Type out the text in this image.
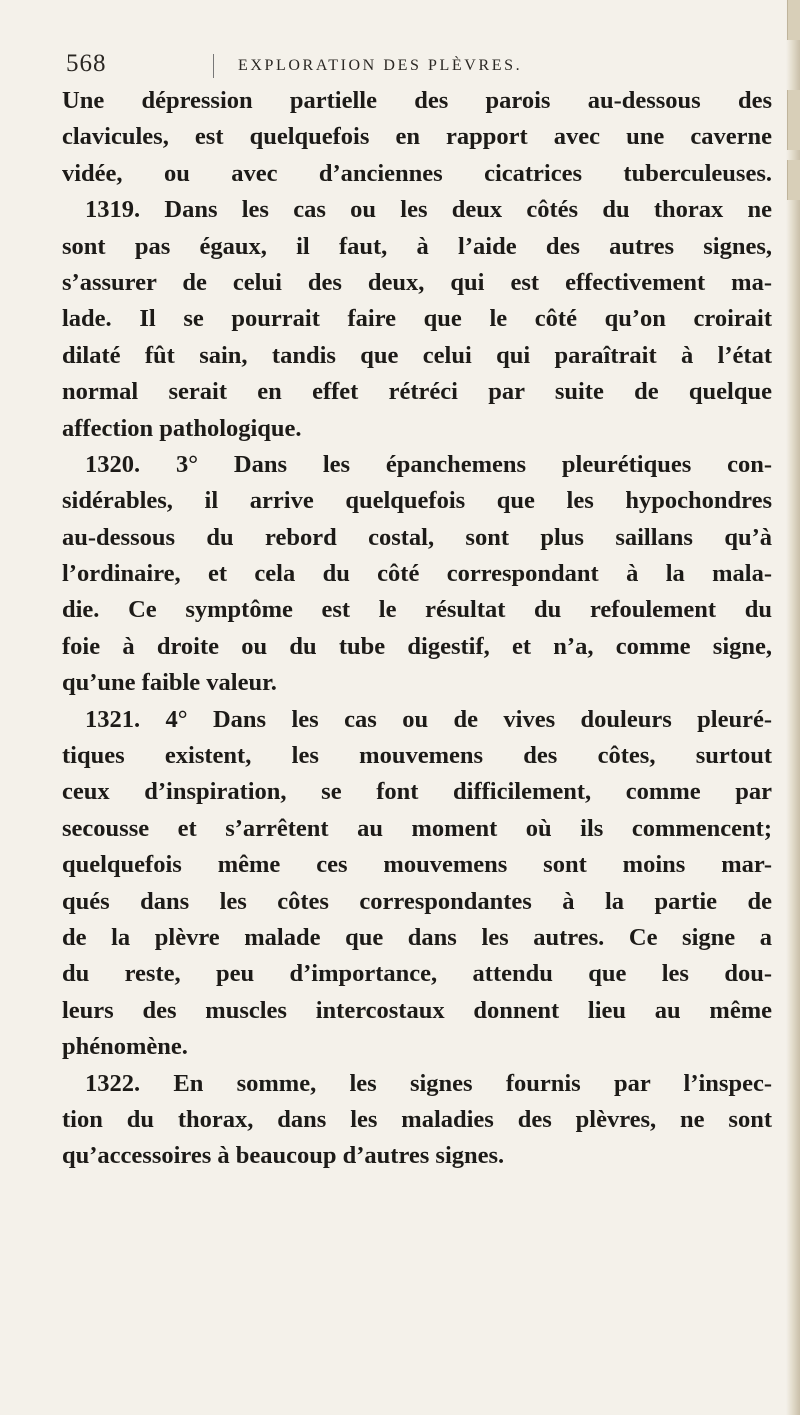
568	EXPLORATION DES PLÈVRES.
Une dépression partielle des parois au-dessous des
clavicules, est quelquefois en rapport avec une caverne
vidée, ou avec d’anciennes cicatrices tuberculeuses.
1319. Dans les cas ou les deux côtés du thorax ne
sont pas égaux, il faut, à l’aide des autres signes,
s’assurer de celui des deux, qui est effectivement ma-
lade. Il se pourrait faire que le côté qu’on croirait
dilaté fût sain, tandis que celui qui paraîtrait à l’état
normal serait en effet rétréci par suite de quelque
affection pathologique.
1320. 3° Dans les épanchemens pleurétiques con-
sidérables, il arrive quelquefois que les hypochondres
au-dessous du rebord costal, sont plus saillans qu’à
l’ordinaire, et cela du côté correspondant à la mala-
die. Ce symptôme est le résultat du refoulement du
foie à droite ou du tube digestif, et n’a, comme signe,
qu’une faible valeur.
1321. 4° Dans les cas ou de vives douleurs pleuré-
tiques existent, les mouvemens des côtes, surtout
ceux d’inspiration, se font difficilement, comme par
secousse et s’arrêtent au moment où ils commencent;
quelquefois même ces mouvemens sont moins mar-
qués dans les côtes correspondantes à la partie de
de la plèvre malade que dans les autres. Ce signe a
du reste, peu d’importance, attendu que les dou-
leurs des muscles intercostaux donnent lieu au même
phénomène.
1322. En somme, les signes fournis par l’inspec-
tion du thorax, dans les maladies des plèvres, ne sont
qu’accessoires à beaucoup d’autres signes.
